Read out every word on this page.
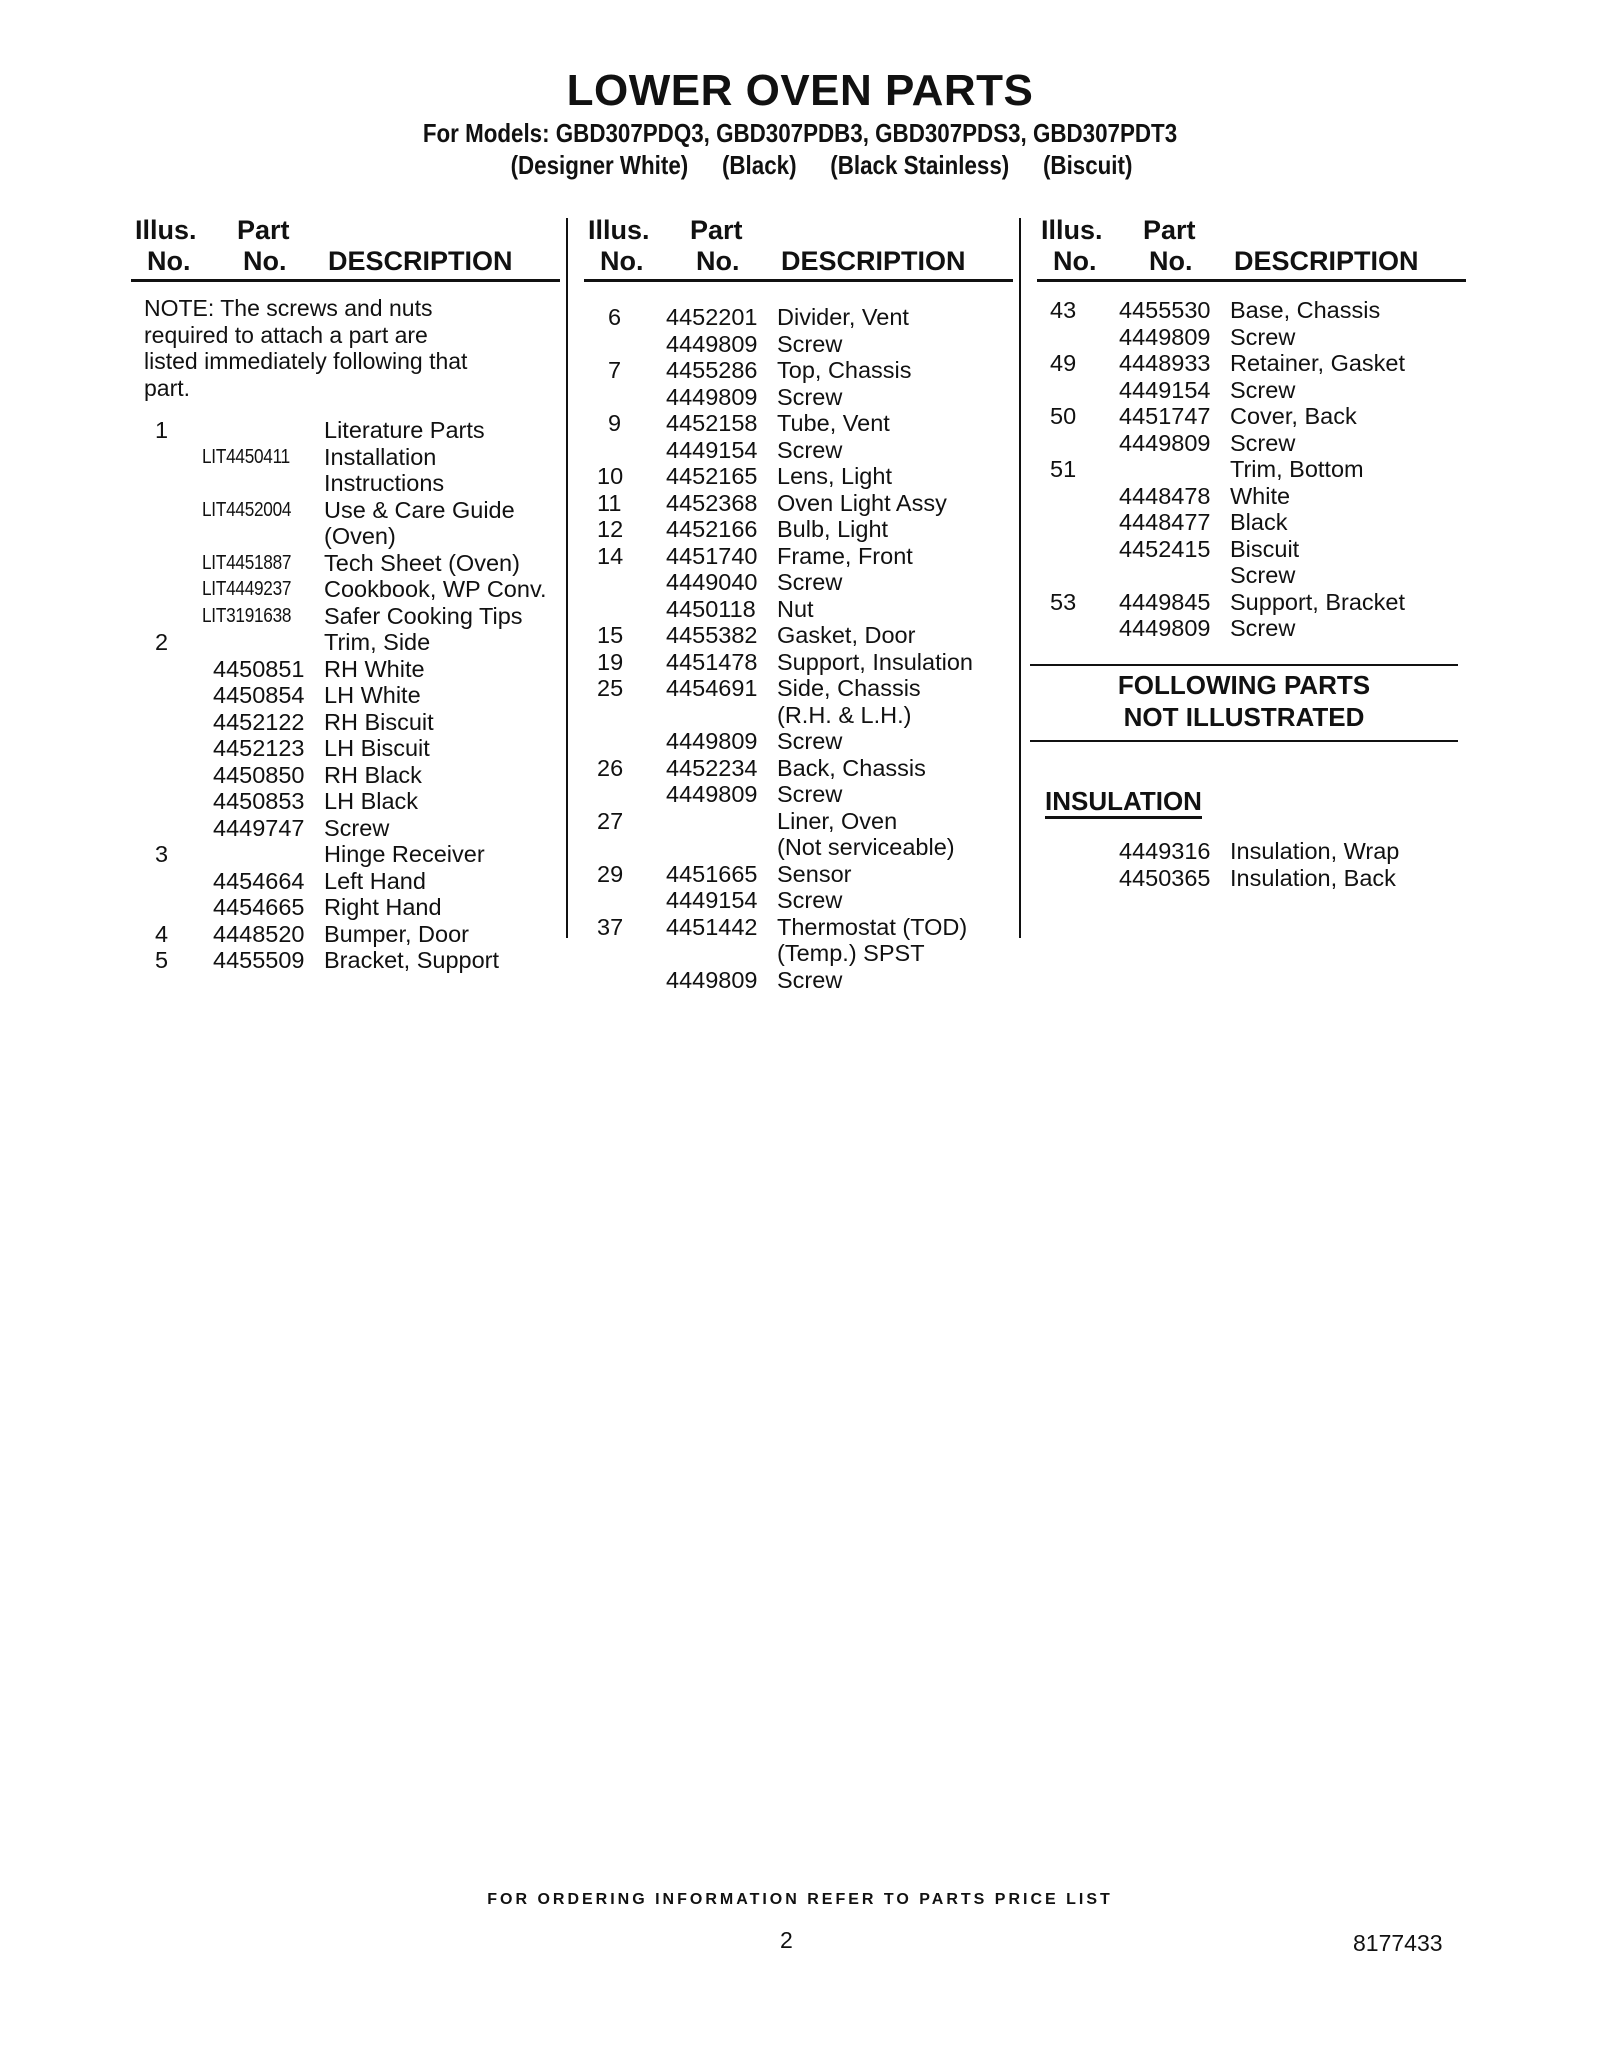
LOWER OVEN PARTS
For Models: GBD307PDQ3, GBD307PDB3, GBD307PDS3, GBD307PDT3
(Designer White) (Black) (Black Stainless) (Biscuit)
Illus.
No.
Part
No. DESCRIPTION
NOTE: The screws and nuts required to attach a part are listed immediately following that part.
1	Literature Parts
LIT4450411 Installation
Instructions
LIT4452004 Use & Care Guide
(Oven)
LIT4451887 Tech Sheet (Oven)
LIT4449237 Cookbook, WP Conv.
LIT3191638 Safer Cooking Tips
2	Trim, Side
4450851 RH White
4450854 LH White
4452122 RH Biscuit
4452123 LH Biscuit
4450850 RH Black
4450853 LH Black
4449747 Screw
3	Hinge Receiver
4454664 Left Hand
4454665 Right Hand
4 4448520 Bumper, Door
5 4455509 Bracket, Support
Illus.
No.
Part
No. DESCRIPTION
6 4452201 Divider, Vent
4449809 Screw
7 4455286 Top, Chassis
4449809 Screw
9 4452158 Tube, Vent
4449154 Screw
10 4452165 Lens, Light
11 4452368 Oven Light Assy
12 4452166 Bulb, Light
14 4451740 Frame, Front
4449040 Screw
4450118 Nut
15 4455382 Gasket, Door
19 4451478 Support, Insulation
25 4454691 Side, Chassis
(R.H. & L.H.)
4449809 Screw
26 4452234 Back, Chassis
4449809 Screw
27	Liner, Oven
(Not serviceable)
29 4451665 Sensor
4449154 Screw
37 4451442 Thermostat (TOD)
(Temp.) SPST
4449809 Screw
Illus.
No.
Part
No. DESCRIPTION
43 4455530 Base, Chassis
4449809 Screw
49 4448933 Retainer, Gasket
4449154 Screw
50 4451747 Cover, Back
4449809 Screw
51	Trim, Bottom
4448478 White
4448477 Black
4452415 Biscuit
Screw
53 4449845 Support, Bracket
4449809 Screw
FOLLOWING PARTS
NOT ILLUSTRATED
INSULATION
4449316 Insulation, Wrap
4450365 Insulation, Back
FOR ORDERING INFORMATION REFER TO PARTS PRICE LIST
2	8177433
